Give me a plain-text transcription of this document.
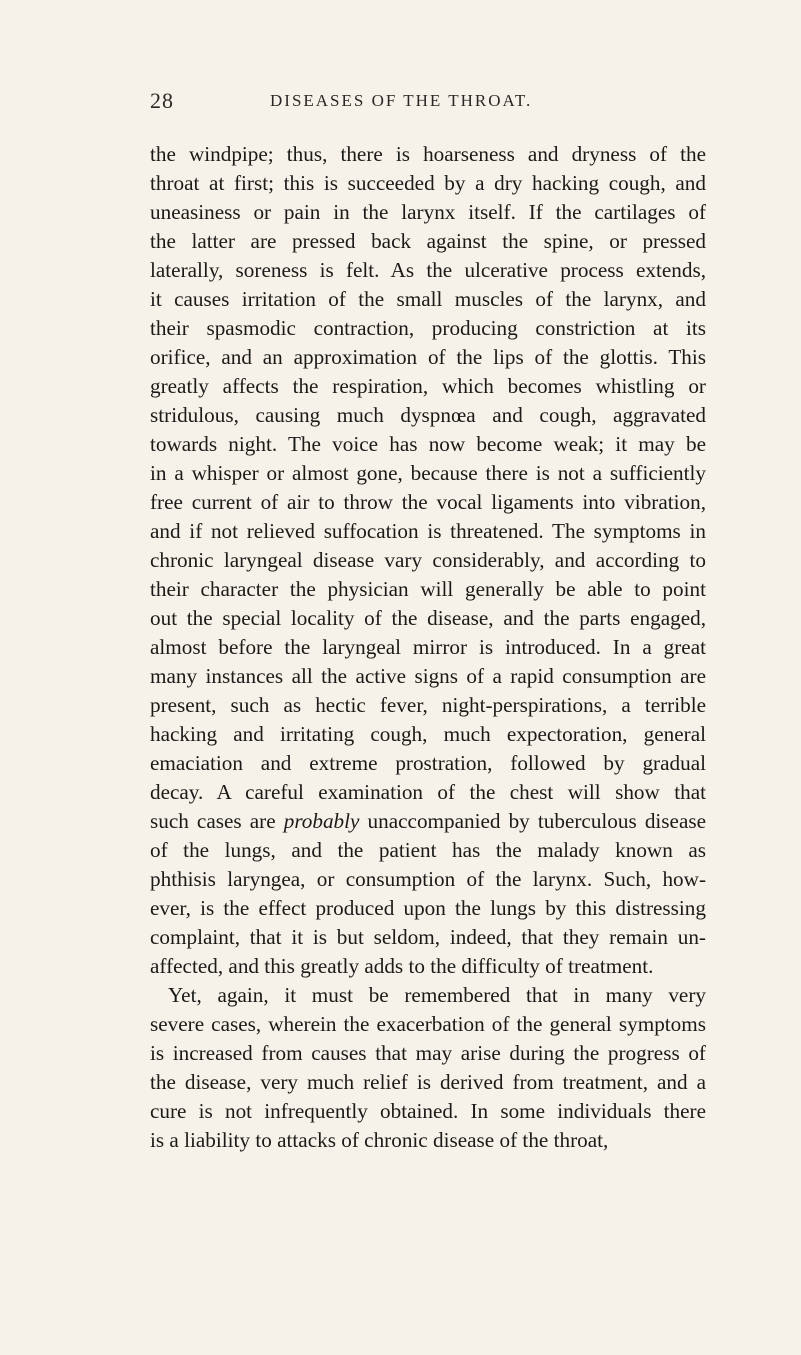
28	DISEASES OF THE THROAT.
the windpipe; thus, there is hoarseness and dryness of the
throat at first; this is succeeded by a dry hacking cough, and
uneasiness or pain in the larynx itself. If the cartilages of
the latter are pressed back against the spine, or pressed
laterally, soreness is felt. As the ulcerative process extends,
it causes irritation of the small muscles of the larynx, and
their spasmodic contraction, producing constriction at its
orifice, and an approximation of the lips of the glottis. This
greatly affects the respiration, which becomes whistling or
stridulous, causing much dyspnœa and cough, aggravated
towards night. The voice has now become weak; it may be
in a whisper or almost gone, because there is not a sufficiently
free current of air to throw the vocal ligaments into vibration,
and if not relieved suffocation is threatened. The symptoms in
chronic laryngeal disease vary considerably, and according to
their character the physician will generally be able to point
out the special locality of the disease, and the parts engaged,
almost before the laryngeal mirror is introduced. In a great
many instances all the active signs of a rapid consumption are
present, such as hectic fever, night-perspirations, a terrible
hacking and irritating cough, much expectoration, general
emaciation and extreme prostration, followed by gradual
decay. A careful examination of the chest will show that
such cases are probably unaccompanied by tuberculous disease
of the lungs, and the patient has the malady known as
phthisis laryngea, or consumption of the larynx. Such, how-
ever, is the effect produced upon the lungs by this distressing
complaint, that it is but seldom, indeed, that they remain un-
affected, and this greatly adds to the difficulty of treatment.
Yet, again, it must be remembered that in many very
severe cases, wherein the exacerbation of the general symptoms
is increased from causes that may arise during the progress of
the disease, very much relief is derived from treatment, and a
cure is not infrequently obtained. In some individuals there
is a liability to attacks of chronic disease of the throat,
